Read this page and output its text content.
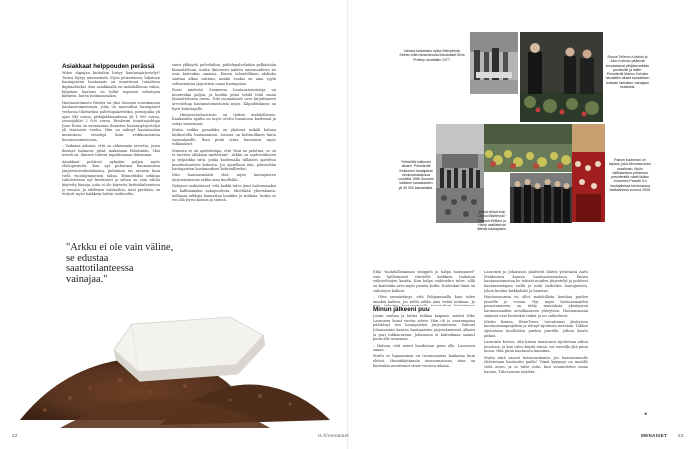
Asiakkaat helppouden perässä

Mites digiajan hintoihin liittyy hautausjärjestelyt? Tietoa löytyy internetistä. Myös perinteinen, hiljainen hautajaisten hautaamis on muuttunut totaalisen digitaaliseksi. Kun asiakkaalla on mahdollisuus valita, hiljainen hautaus on tullut nopeasti valintojen kärkeen, kuten kotimaassakin.

Hautaustoimisto Rissler on yksi Suomen suurimmista hautaustoimistoista, joka on muotoiltut hautajaiset verkossa tilattaviksi palvelupaketteiksi, perusjuhla yli ajan 949 euroa, pitkäjulkisuudessa yli 1 000 euroa, tanssijuhlat 2 000 euroa. Rissleriin toimitusjohtaja Jussi Rossi on seuraannut ihmisten hautausjärjestelyä yli viisitoista vuotta. Hän on nähnyt hautausalan muutoksia: trendejä kuin verkkoasiointia hautaustoimistossa.

– Vaikeina aikoina, että on vähemmän tarvetta, jossa ihmiset haluavat pitää mukanaan läheisiään. Yksi trendi on, ihmiset tulevat tapahtumaan lähemmin.

Asiakkaat pohtivat nykyään paljon myös ekologisuutta. Kun nyt puhutaan hautaamisen ympäristövaikutuksista, puhutaan eri asioista kuin vielä vuosikymmenen takaa. Esimerkiksi arkkuja valmistetaan nyt kestävästi ja siihen on vain vähän käytetty liimoja, joita ei ole käytetty keittiökalusteissa jo vuosiin. Ja edellinen vaihtoehto, mitä pyritään, on tietysti myös kaikkein halvin vaihtoehto.

suuri ylikäyttö palveluihin, päihdepalveluihin pelkästään hinnoitteluun, mutta ilmeisesti näiden omaisuudesta ne ovat kuitenkin omaisia. Ennen taloudellinen ahdinko saattaa alkaa osittain, minkä vuoksi on aina syytä valmistautua järjestäen omaa hautajaisia.

Rossi mielestä Suomessa hautaustoimistoja on muutenkin paljon, ja heidän pitää tehdä töitä oman hinnoittelunsa eteen. Toki suomalaiset ovat kirjoittaneet arvosteluja hautaustoimistoista myös. Kilpailutilanne on hyvä kuluttajalle.

– Hintavertailusivusto on tärkeä mahdollisuus. Kaukaisilta ajoilta on myös otettu huomioon kuolemat ja esitys muuttunut.

Mutta vaikka paaarkku on yhdessä mikäli haluaa keskustella hautaamisen, toisena on kohtuullinen hinta suomalaisille. Ihan pitää ottaa huomioon myös tuhkaukset.

Minusta se on ajattelutapa, että "kun ne pelottaa, se on ei tarvitse ollakaan mielestäni". Arkku on saattovälineen ja työpaikka siitä, jonka kuolemalla tällaisen ajattelun muodostuneista kuluista. Jos ajatellaan niin, pääseehän hautajaisten kustannukset kohtuulliseksi.

Niin hautausmäärä elää myös hautajaisten järjestämisessä arkku aina kuolleilla.

Nykyiset tarkoittavat, että kaikki tulee juuri halvemmaksi tai kalliimmaksi sukupuolesta. Miettikää yhteiskunta, millaisia arkkuja kannattaa hankkia ja tuhkata, koska se voi olla hyvin kaunis ja tärkeä.

"Arkku ei ole vain väline, se edustaa saattotilanteessa vainajaa."
22
Vahava tukkamies hylkyi Memphisiin Seinen kilta museoteosta eduskaiset Elvis Presley haudattiin 1977.
Rouva Tellervo Koivisto ja Aino Koivisto pääsivät korvastamat ytiöjäseneitään puolisoille ja isälle. Presidentti Mauno Koivisto haudattiin alusta kansallisen mukaan tansisten vainajaan muistoksi.
Yhteisöllä kulttuurin alkaen. Presidentti Kekkosen hautajaisia ekokuvasaatiossa vuodelta 1986 Suomen kaikkien kansalaisten yli 40 000 kansalaista.
Missä siirtyä kuin Diana liikkeessä? Prinssit William ja Harry osallistuivat äitinsä hautajaisiin.
Paavin kuoleman on tapaus, joka kiinostaa koko maailman. Myös Vatikaanissa prinsessa presidenttiä vaatii lisäksi Johannes Paavali II:n hautajaisissa toiminnassa Vatikaanissa vuonna 2005.

Eikä "mahdollisimman simppeli ja halpa hautajaiset" vain kallistuneet väestölle kaikkien taulukon vaihtoehtojen kautta. Kun halpa vaihtoehto tulee, sillä on kuitenkin arvo myös pienen kodin. Kuitenkin tämä on valintojen kallein.

– Olen ymmärtänyt, että Pohjanmaalla kuin tulee ainakin kaiken, jos teillä arkku aina tietää mukaan. Ja

Minun jälkeeni puu

Jotain vanhaa ja luhtia tuhkaa kaipaan, miettii Niko Lauronen kuusi vuotta sitten. Hän oli jo nuorempana päättänyt sen hautajaisten järjestämisen: Samuel Johanssonin kanssa hautajaisten järjestämisestä alkaen ja pari tuhkauurnaa. Johansson ei kuitenkaan saanut puun alle urnaansa.

– Haluan, että minut haudataan puun alle, Lauronen sanoo.

Mutta se lupaaminen on tavanomaista hankalaa kuin ehtivä. Hautakäytännön tavanomaisuus, näin on kuitenkin muuttunut viime vuosien aikana.

Lauronen ja Johansson päättivät lähteä ystävänsä Antti Matikaisen kanssa hautaustoimistoon. Ennen hautaustoimistoa he tekivät muiden järjestelyt ja pohtivat hautaamistapaa siellä ja mitä tiedettiin hautajaisten, johon kuuluu kirkkohäät ja hautaus.

Hautausuurnia on ollut mahdollista haudata puiden juurelle jo vuosia. Nyt myös hautausmaiden perustamiseen on tehty muutoksia yksityisten hautausmaiden arvokkaaseen yhteyteen. Hautausmaan säännöt ovat kuitenkin tiukat ja ne vaihtelevat.

Mietin firmaa, BeneTrees, toteuttanut yksityisen hautausmaaprojektin ja tehnyt sijoitusta metsään. Tuhkat sijoitetaan kuolleiden puiden juurelle, jolloin kierto jatkuu.

Lauronen kertoo, että hänen muistonsa sijoitetaan arkun muotoon, ja kun tulee käydä niissä, voi vierailla yhä puun luona. Hän pitää hautausta kauniina.

Mutta mitä saavat kotiseurakunta, jos hautausmaalle ehdotetaan hautuutta puille? Tämä kysymys on monille vielä avoin, ja se tulee esiin, kun suunnittelee omaa hautaa. Tulevaisuus näyttää.

◂
is.fi/menaiset	MENAISET 23
